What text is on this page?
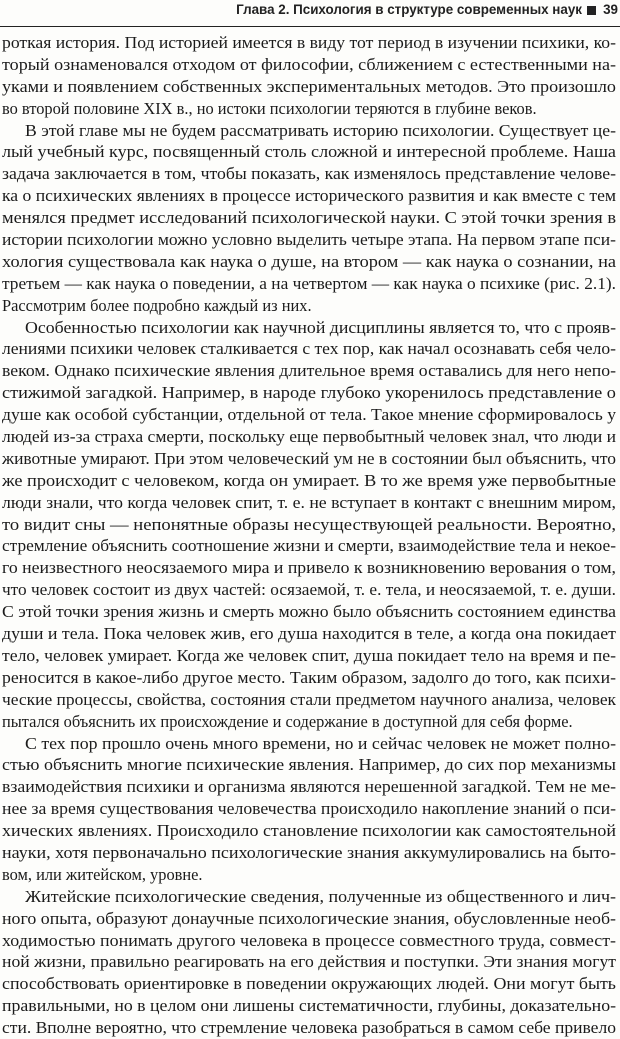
Глава 2. Психология в структуре современных наук 39
роткая история. Под историей имеется в виду тот период в изучении психики, ко-
торый ознаменовался отходом от философии, сближением с естественными на-
уками и появлением собственных экспериментальных методов. Это произошло
во второй половине XIX в., но истоки психологии теряются в глубине веков.
В этой главе мы не будем рассматривать историю психологии. Существует це-
лый учебный курс, посвященный столь сложной и интересной проблеме. Наша
задача заключается в том, чтобы показать, как изменялось представление челове-
ка о психических явлениях в процессе исторического развития и как вместе с тем
менялся предмет исследований психологической науки. С этой точки зрения в
истории психологии можно условно выделить четыре этапа. На первом этапе пси-
хология существовала как наука о душе, на втором — как наука о сознании, на
третьем — как наука о поведении, а на четвертом — как наука о психике (рис. 2.1).
Рассмотрим более подробно каждый из них.
Особенностью психологии как научной дисциплины является то, что с прояв-
лениями психики человек сталкивается с тех пор, как начал осознавать себя чело-
веком. Однако психические явления длительное время оставались для него непо-
стижимой загадкой. Например, в народе глубоко укоренилось представление о
душе как особой субстанции, отдельной от тела. Такое мнение сформировалось у
людей из-за страха смерти, поскольку еще первобытный человек знал, что люди и
животные умирают. При этом человеческий ум не в состоянии был объяснить, что
же происходит с человеком, когда он умирает. В то же время уже первобытные
люди знали, что когда человек спит, т. е. не вступает в контакт с внешним миром,
то видит сны — непонятные образы несуществующей реальности. Вероятно,
стремление объяснить соотношение жизни и смерти, взаимодействие тела и некое-
го неизвестного неосязаемого мира и привело к возникновению верования о том,
что человек состоит из двух частей: осязаемой, т. е. тела, и неосязаемой, т. е. души.
С этой точки зрения жизнь и смерть можно было объяснить состоянием единства
души и тела. Пока человек жив, его душа находится в теле, а когда она покидает
тело, человек умирает. Когда же человек спит, душа покидает тело на время и пе-
реносится в какое-либо другое место. Таким образом, задолго до того, как психи-
ческие процессы, свойства, состояния стали предметом научного анализа, человек
пытался объяснить их происхождение и содержание в доступной для себя форме.
С тех пор прошло очень много времени, но и сейчас человек не может полно-
стью объяснить многие психические явления. Например, до сих пор механизмы
взаимодействия психики и организма являются нерешенной загадкой. Тем не ме-
нее за время существования человечества происходило накопление знаний о пси-
хических явлениях. Происходило становление психологии как самостоятельной
науки, хотя первоначально психологические знания аккумулировались на быто-
вом, или житейском, уровне.
Житейские психологические сведения, полученные из общественного и лич-
ного опыта, образуют донаучные психологические знания, обусловленные необ-
ходимостью понимать другого человека в процессе совместного труда, совмест-
ной жизни, правильно реагировать на его действия и поступки. Эти знания могут
способствовать ориентировке в поведении окружающих людей. Они могут быть
правильными, но в целом они лишены систематичности, глубины, доказательно-
сти. Вполне вероятно, что стремление человека разобраться в самом себе привело
